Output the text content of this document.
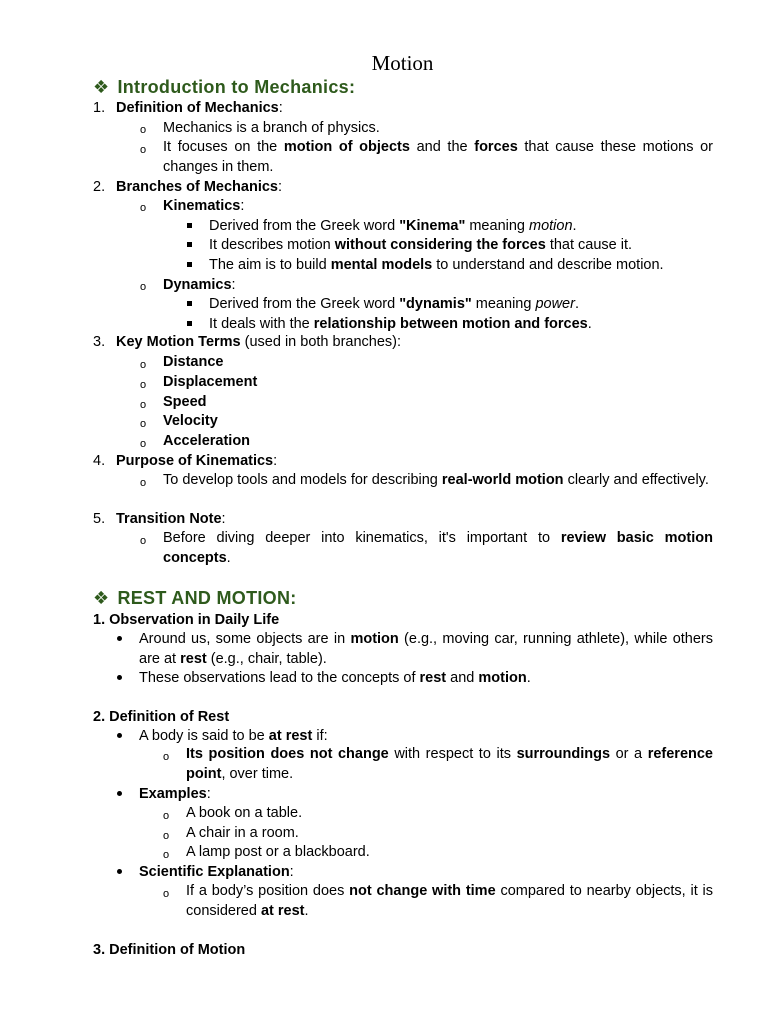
Motion
❖ Introduction to Mechanics:
1. Definition of Mechanics:
o Mechanics is a branch of physics.
o It focuses on the motion of objects and the forces that cause these motions or changes in them.
2. Branches of Mechanics:
o Kinematics:
Derived from the Greek word "Kinema" meaning motion.
It describes motion without considering the forces that cause it.
The aim is to build mental models to understand and describe motion.
o Dynamics:
Derived from the Greek word "dynamis" meaning power.
It deals with the relationship between motion and forces.
3. Key Motion Terms (used in both branches):
o Distance
o Displacement
o Speed
o Velocity
o Acceleration
4. Purpose of Kinematics:
o To develop tools and models for describing real-world motion clearly and effectively.
5. Transition Note:
o Before diving deeper into kinematics, it's important to review basic motion concepts.
❖ REST AND MOTION:
1. Observation in Daily Life
Around us, some objects are in motion (e.g., moving car, running athlete), while others are at rest (e.g., chair, table).
These observations lead to the concepts of rest and motion.
2. Definition of Rest
A body is said to be at rest if:
o Its position does not change with respect to its surroundings or a reference point, over time.
Examples:
o A book on a table.
o A chair in a room.
o A lamp post or a blackboard.
Scientific Explanation:
o If a body’s position does not change with time compared to nearby objects, it is considered at rest.
3. Definition of Motion
